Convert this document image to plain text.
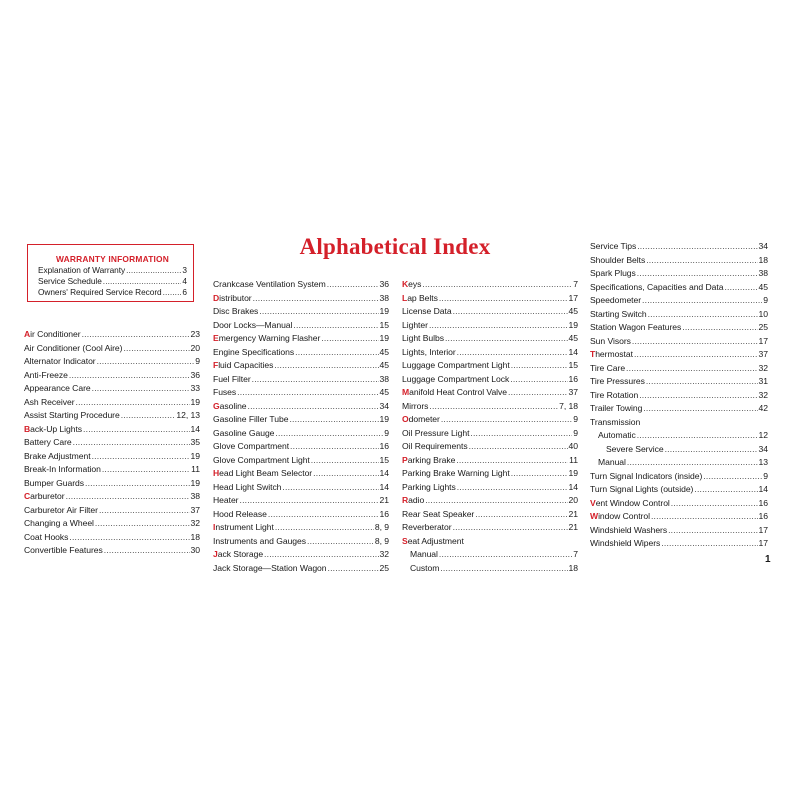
WARRANTY INFORMATION
Explanation of Warranty . . .	3
Service Schedule . . .	4
Owners' Required Service Record . . .	6
Alphabetical Index
Air Conditioner . . .	23
Air Conditioner (Cool Aire) . . .	20
Alternator Indicator . . .	9
Anti-Freeze . . .	36
Appearance Care . . .	33
Ash Receiver . . .	19
Assist Starting Procedure . . .	12, 13
Back-Up Lights . . .	14
Battery Care . . .	35
Brake Adjustment . . .	19
Break-In Information . . .	11
Bumper Guards . . .	19
Carburetor . . .	38
Carburetor Air Filter . . .	37
Changing a Wheel . . .	32
Coat Hooks . . .	18
Convertible Features . . .	30
Crankcase Ventilation System . . .	36
Distributor . . .	38
Disc Brakes . . .	19
Door Locks—Manual . . .	15
Emergency Warning Flasher . . .	19
Engine Specifications . . .	45
Fluid Capacities . . .	45
Fuel Filter . . .	38
Fuses . . .	45
Gasoline . . .	34
Gasoline Filler Tube . . .	19
Gasoline Gauge . . .	9
Glove Compartment . . .	16
Glove Compartment Light . . .	15
Head Light Beam Selector . . .	14
Head Light Switch . . .	14
Heater . . .	21
Hood Release . . .	16
Instrument Light . . .	8, 9
Instruments and Gauges . . .	8, 9
Jack Storage . . .	32
Jack Storage—Station Wagon . . .	25
Keys . . .	7
Lap Belts . . .	17
License Data . . .	45
Lighter . . .	19
Light Bulbs . . .	45
Lights, Interior . . .	14
Luggage Compartment Light . . .	15
Luggage Compartment Lock . . .	16
Manifold Heat Control Valve . . .	37
Mirrors . . .	7, 18
Odometer . . .	9
Oil Pressure Light . . .	9
Oil Requirements . . .	40
Parking Brake . . .	11
Parking Brake Warning Light . . .	19
Parking Lights . . .	14
Radio . . .	20
Rear Seat Speaker . . .	21
Reverberator . . .	21
Seat Adjustment
Manual . . .	7
Custom . . .	18
Service Tips . . .	34
Shoulder Belts . . .	18
Spark Plugs . . .	38
Specifications, Capacities and Data . . .	45
Speedometer . . .	9
Starting Switch . . .	10
Station Wagon Features . . .	25
Sun Visors . . .	17
Thermostat . . .	37
Tire Care . . .	32
Tire Pressures . . .	31
Tire Rotation . . .	32
Trailer Towing . . .	42
Transmission
Automatic . . .	12
Severe Service . . .	34
Manual . . .	13
Turn Signal Indicators (inside) . . .	9
Turn Signal Lights (outside) . . .	14
Vent Window Control . . .	16
Window Control . . .	16
Windshield Washers . . .	17
Windshield Wipers . . .	17
1
